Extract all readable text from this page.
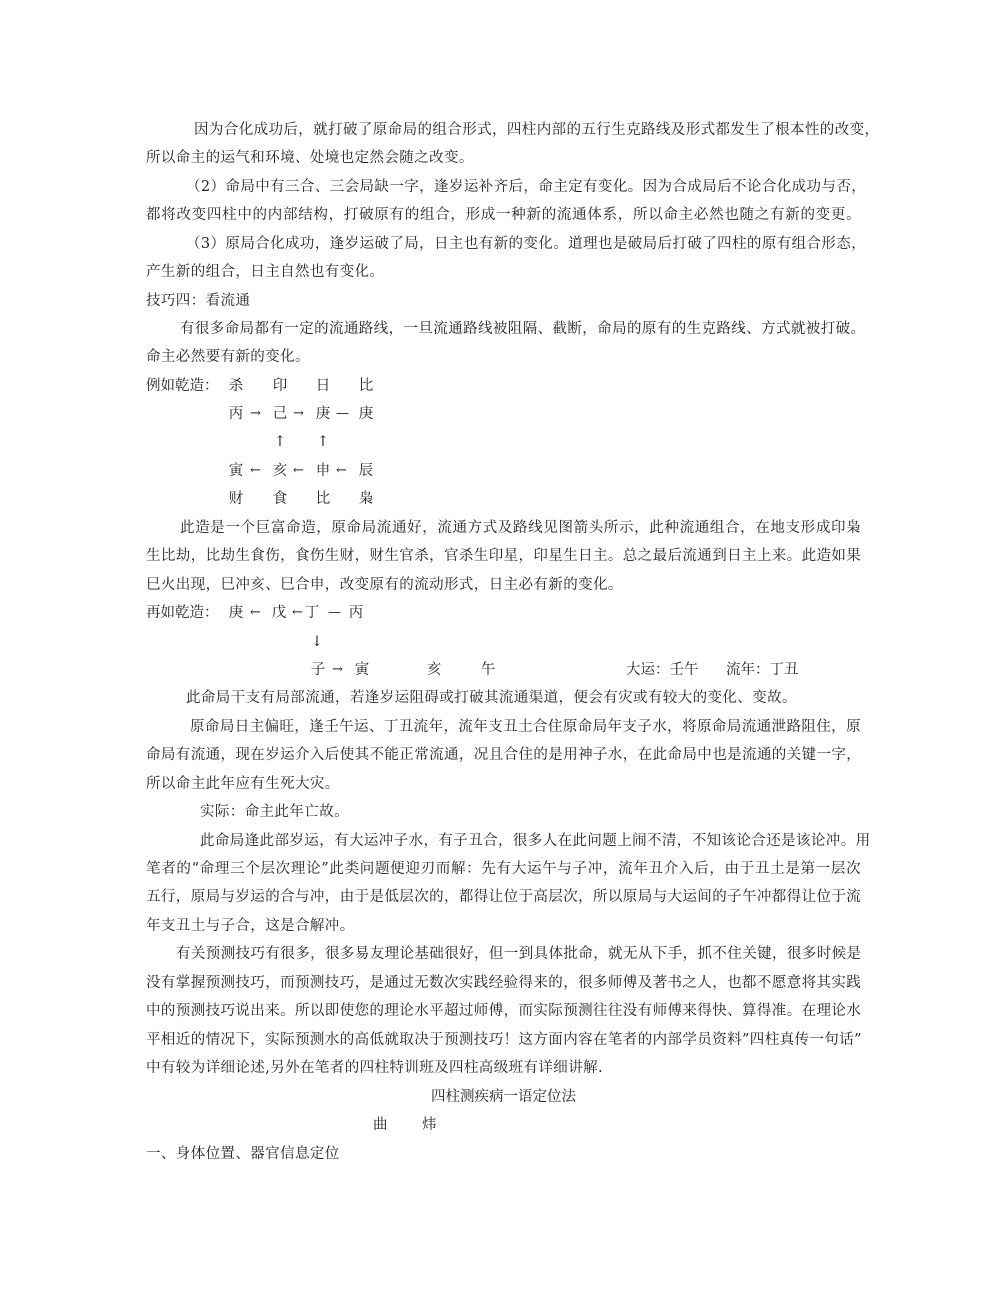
因为合化成功后，就打破了原命局的组合形式，四柱内部的五行生克路线及形式都发生了根本性的改变，
所以命主的运气和环境、处境也定然会随之改变。
（2）命局中有三合、三会局缺一字，逢岁运补齐后，命主定有变化。因为合成局后不论合化成功与否，
都将改变四柱中的内部结构，打破原有的组合，形成一种新的流通体系，所以命主必然也随之有新的变更。
（3）原局合化成功，逢岁运破了局，日主也有新的变化。道理也是破局后打破了四柱的原有组合形态，
产生新的组合，日主自然也有变化。
技巧四：看流通
有很多命局都有一定的流通路线，一旦流通路线被阻隔、截断，命局的原有的生克路线、方式就被打破。
命主必然要有新的变化。
例如乾造： 杀 印 日 比
丙 → 己 → 庚 — 庚
↑ ↑
寅 ← 亥 ← 申 ← 辰
财 食 比 枭
此造是一个巨富命造，原命局流通好，流通方式及路线见图箭头所示，此种流通组合，在地支形成印枭
生比劫，比劫生食伤，食伤生财，财生官杀，官杀生印星，印星生日主。总之最后流通到日主上来。此造如果
巳火出现，巳冲亥、巳合申，改变原有的流动形式，日主必有新的变化。
再如乾造： 庚 ← 戊 ← 丁 — 丙
↓
子 → 寅	亥	午	大运：壬午 流年：丁丑
此命局干支有局部流通，若逢岁运阻碍或打破其流通渠道，便会有灾或有较大的变化、变故。
原命局日主偏旺，逢壬午运、丁丑流年，流年支丑土合住原命局年支子水，将原命局流通泄路阻住，原
命局有流通，现在岁运介入后使其不能正常流通，况且合住的是用神子水，在此命局中也是流通的关键一字，
所以命主此年应有生死大灾。
实际：命主此年亡故。
此命局逢此部岁运，有大运冲子水，有子丑合，很多人在此问题上闹不清，不知该论合还是该论冲。用
笔者的“命理三个层次理论”此类问题便迎刃而解：先有大运午与子冲，流年丑介入后，由于丑土是第一层次
五行，原局与岁运的合与冲，由于是低层次的，都得让位于高层次，所以原局与大运间的子午冲都得让位于流
年支丑土与子合，这是合解冲。
有关预测技巧有很多，很多易友理论基础很好，但一到具体批命，就无从下手，抓不住关键，很多时候是
没有掌握预测技巧，而预测技巧，是通过无数次实践经验得来的，很多师傅及著书之人，也都不愿意将其实践
中的预测技巧说出来。所以即使您的理论水平超过师傅，而实际预测往往没有师傅来得快、算得准。在理论水
平相近的情况下，实际预测水的高低就取决于预测技巧！这方面内容在笔者的内部学员资料”四柱真传一句话”
中有较为详细论述,另外在笔者的四柱特训班及四柱高级班有详细讲解.
四柱测疾病一语定位法
曲 炜
一、身体位置、器官信息定位
